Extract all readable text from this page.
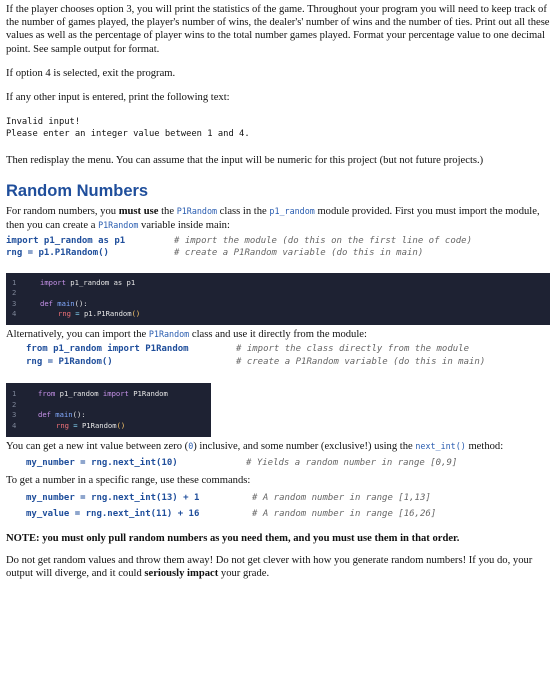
If the player chooses option 3, you will print the statistics of the game. Throughout your program you will need to keep track of the number of games played, the player's number of wins, the dealer's' number of wins and the number of ties. Print out all these values as well as the percentage of player wins to the total number games played. Format your percentage value to one decimal point. See sample output for format.

If option 4 is selected, exit the program.

If any other input is entered, print the following text:

Invalid input!

Please enter an integer value between 1 and 4.

Then redisplay the menu. You can assume that the input will be numeric for this project (but not future projects.)

Random Numbers

For random numbers, you must use the P1Random class in the p1_random module provided. First you must import the module, then you can create a P1Random variable inside main:

import p1_random as p1	# import the module (do this on the first line of code)
rng = p1.P1Random()	# create a P1Random variable (do this in main)
1	import p1_random as p1
2
3	def main():
4	rng = p1.P1Random()

Alternatively, you can import the P1Random class and use it directly from the module:

from p1_random import P1Random	# import the class directly from the module
rng = P1Random()	# create a P1Random variable (do this in main)
1	from p1_random import P1Random
2
3	def main():
4	rng = P1Random()

You can get a new int value between zero (0) inclusive, and some number (exclusive!) using the next_int() method:

my_number = rng.next_int(10)	# Yields a random number in range [0,9]

To get a number in a specific range, use these commands:

my_number = rng.next_int(13) + 1	# A random number in range [1,13]
my_value = rng.next_int(11) + 16	# A random number in range [16,26]

NOTE: you must only pull random numbers as you need them, and you must use them in that order.

Do not get random values and throw them away! Do not get clever with how you generate random numbers! If you do, your output will diverge, and it could seriously impact your grade.
